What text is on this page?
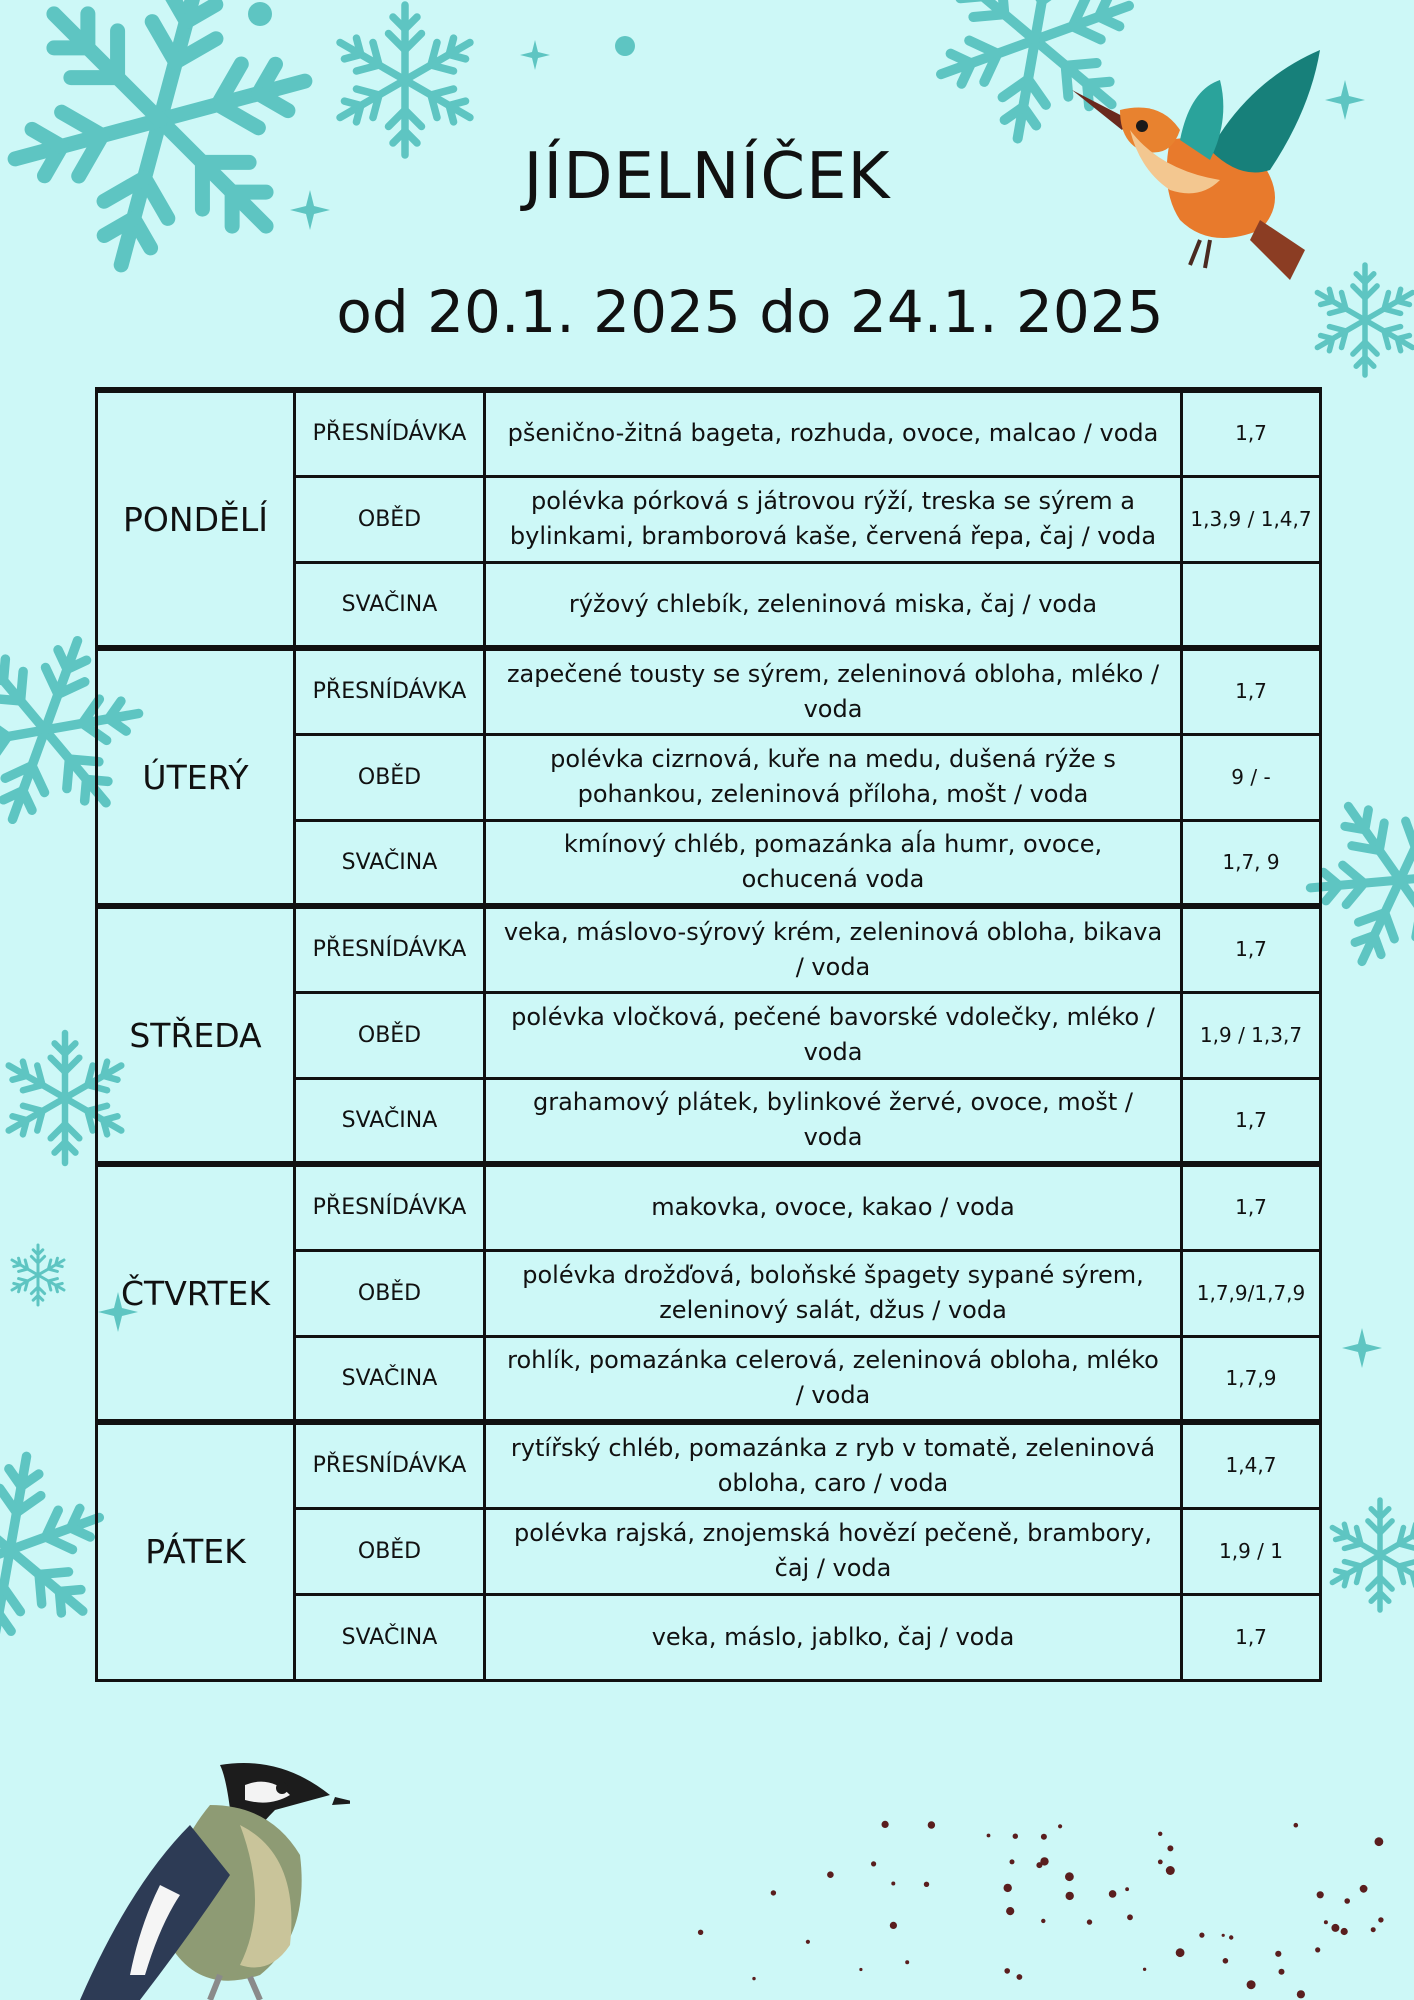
JÍDELNÍČEK
od 20.1. 2025 do 24.1. 2025
PONDĚLÍ	PŘESNÍDÁVKA	pšenično-žitná bageta, rozhuda, ovoce, malcao / voda	1,7
	OBĚD	polévka pórková s játrovou rýží, treska se sýrem a bylinkami, bramborová kaše, červená řepa, čaj / voda	1,3,9 / 1,4,7
	SVAČINA	rýžový chlebík, zeleninová miska, čaj / voda	
ÚTERÝ	PŘESNÍDÁVKA	zapečené tousty se sýrem, zeleninová obloha, mléko / voda	1,7
	OBĚD	polévka cizrnová, kuře na medu, dušená rýže s pohankou, zeleninová příloha, mošt / voda	9 / -
	SVAČINA	kmínový chléb, pomazánka aĺa humr, ovoce, ochucená voda	1,7, 9
STŘEDA	PŘESNÍDÁVKA	veka, máslovo-sýrový krém, zeleninová obloha, bikava / voda	1,7
	OBĚD	polévka vločková, pečené bavorské vdolečky, mléko / voda	1,9 / 1,3,7
	SVAČINA	grahamový plátek, bylinkové žervé, ovoce, mošt / voda	1,7
ČTVRTEK	PŘESNÍDÁVKA	makovka, ovoce, kakao / voda	1,7
	OBĚD	polévka drožďová, boloňské špagety sypané sýrem, zeleninový salát, džus / voda	1,7,9/1,7,9
	SVAČINA	rohlík, pomazánka celerová, zeleninová obloha, mléko / voda	1,7,9
PÁTEK	PŘESNÍDÁVKA	rytířský chléb, pomazánka z ryb v tomatě, zeleninová obloha, caro / voda	1,4,7
	OBĚD	polévka rajská, znojemská hovězí pečeně, brambory, čaj / voda	1,9 / 1
	SVAČINA	veka, máslo, jablko, čaj / voda	1,7
